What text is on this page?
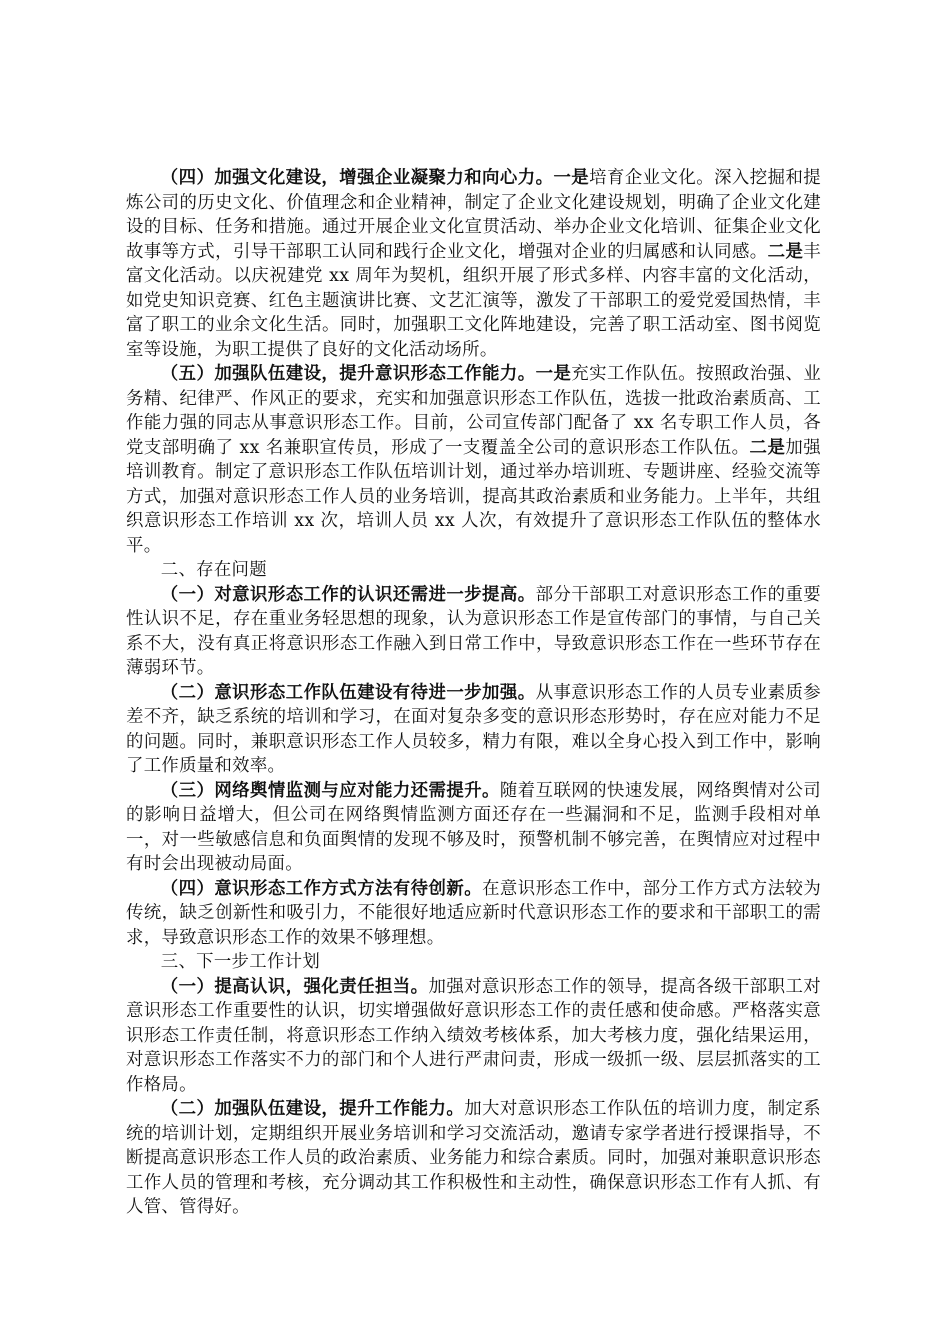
（四）加强文化建设，增强企业凝聚力和向心力。一是培育企业文化。深入挖掘和提炼公司的历史文化、价值理念和企业精神，制定了企业文化建设规划，明确了企业文化建设的目标、任务和措施。通过开展企业文化宣贯活动、举办企业文化培训、征集企业文化故事等方式，引导干部职工认同和践行企业文化，增强对企业的归属感和认同感。二是丰富文化活动。以庆祝建党 xx 周年为契机，组织开展了形式多样、内容丰富的文化活动，如党史知识竞赛、红色主题演讲比赛、文艺汇演等，激发了干部职工的爱党爱国热情，丰富了职工的业余文化生活。同时，加强职工文化阵地建设，完善了职工活动室、图书阅览室等设施，为职工提供了良好的文化活动场所。

（五）加强队伍建设，提升意识形态工作能力。一是充实工作队伍。按照政治强、业务精、纪律严、作风正的要求，充实和加强意识形态工作队伍，选拔一批政治素质高、工作能力强的同志从事意识形态工作。目前，公司宣传部门配备了 xx 名专职工作人员，各党支部明确了 xx 名兼职宣传员，形成了一支覆盖全公司的意识形态工作队伍。二是加强培训教育。制定了意识形态工作队伍培训计划，通过举办培训班、专题讲座、经验交流等方式，加强对意识形态工作人员的业务培训，提高其政治素质和业务能力。上半年，共组织意识形态工作培训 xx 次，培训人员 xx 人次，有效提升了意识形态工作队伍的整体水平。

二、存在问题

（一）对意识形态工作的认识还需进一步提高。部分干部职工对意识形态工作的重要性认识不足，存在重业务轻思想的现象，认为意识形态工作是宣传部门的事情，与自己关系不大，没有真正将意识形态工作融入到日常工作中，导致意识形态工作在一些环节存在薄弱环节。

（二）意识形态工作队伍建设有待进一步加强。从事意识形态工作的人员专业素质参差不齐，缺乏系统的培训和学习，在面对复杂多变的意识形态形势时，存在应对能力不足的问题。同时，兼职意识形态工作人员较多，精力有限，难以全身心投入到工作中，影响了工作质量和效率。

（三）网络舆情监测与应对能力还需提升。随着互联网的快速发展，网络舆情对公司的影响日益增大，但公司在网络舆情监测方面还存在一些漏洞和不足，监测手段相对单一，对一些敏感信息和负面舆情的发现不够及时，预警机制不够完善，在舆情应对过程中有时会出现被动局面。

（四）意识形态工作方式方法有待创新。在意识形态工作中，部分工作方式方法较为传统，缺乏创新性和吸引力，不能很好地适应新时代意识形态工作的要求和干部职工的需求，导致意识形态工作的效果不够理想。

三、下一步工作计划

（一）提高认识，强化责任担当。加强对意识形态工作的领导，提高各级干部职工对意识形态工作重要性的认识，切实增强做好意识形态工作的责任感和使命感。严格落实意识形态工作责任制，将意识形态工作纳入绩效考核体系，加大考核力度，强化结果运用，对意识形态工作落实不力的部门和个人进行严肃问责，形成一级抓一级、层层抓落实的工作格局。

（二）加强队伍建设，提升工作能力。加大对意识形态工作队伍的培训力度，制定系统的培训计划，定期组织开展业务培训和学习交流活动，邀请专家学者进行授课指导，不断提高意识形态工作人员的政治素质、业务能力和综合素质。同时，加强对兼职意识形态工作人员的管理和考核，充分调动其工作积极性和主动性，确保意识形态工作有人抓、有人管、管得好。
